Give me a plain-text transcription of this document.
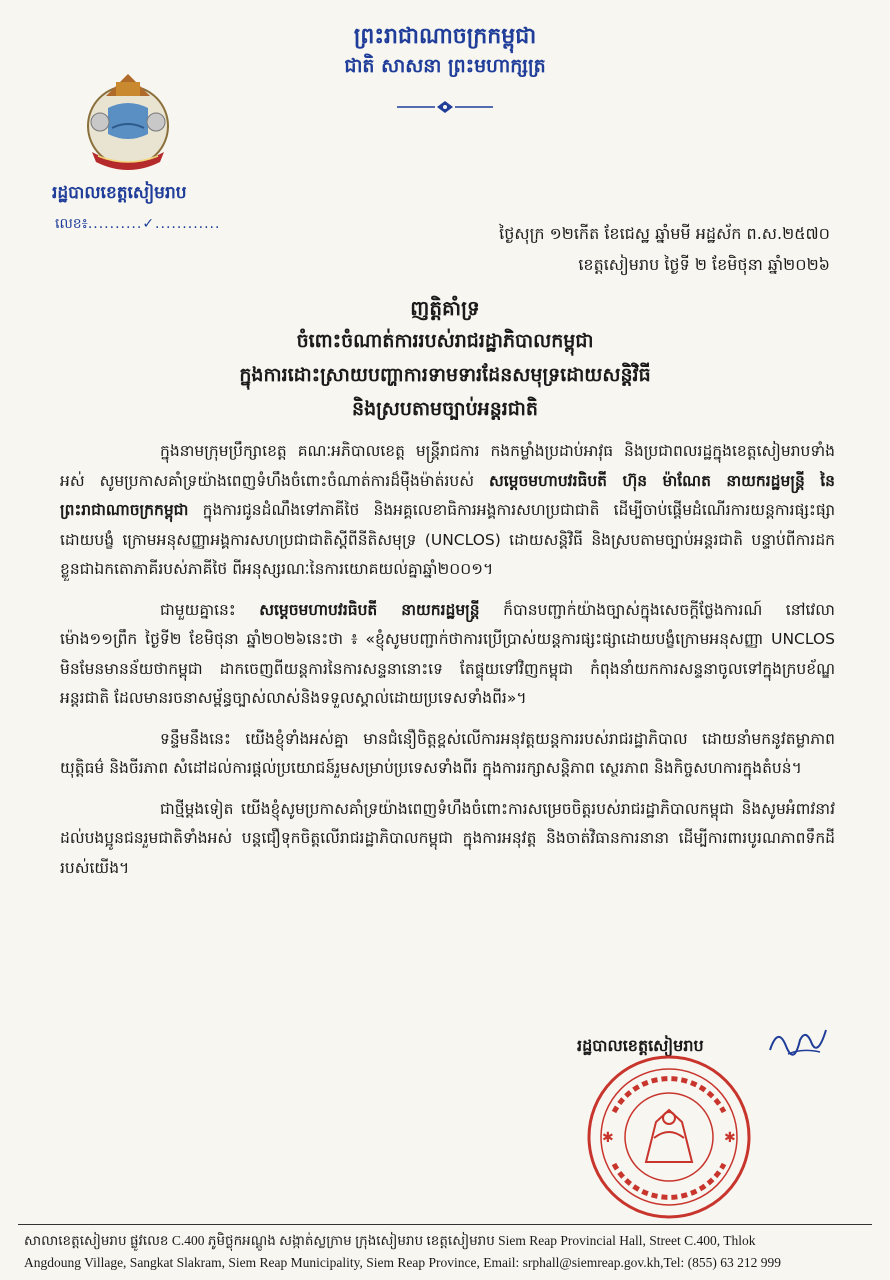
ព្រះរាជាណាចក្រកម្ពុជា
ជាតិ សាសនា ព្រះមហាក្សត្រ
រដ្ឋបាលខេត្តសៀមរាប
លេខ៖..........✓............	ថ្ងៃសុក្រ ១២កើត ខែជេស្ឋ ឆ្នាំមមី អដ្ឋស័ក ព.ស.២៥៧០
ខេត្តសៀមរាប ថ្ងៃទី ២ ខែមិថុនា ឆ្នាំ២០២៦
ញត្តិគាំទ្រ
ចំពោះចំណាត់ការរបស់រាជរដ្ឋាភិបាលកម្ពុជា
ក្នុងការដោះស្រាយបញ្ហាការទាមទារដែនសមុទ្រដោយសន្តិវិធី
និងស្របតាមច្បាប់អន្តរជាតិ

ក្នុងនាមក្រុមប្រឹក្សាខេត្ត គណៈអភិបាលខេត្ត មន្ត្រីរាជការ កងកម្លាំងប្រដាប់អាវុធ និងប្រជាពលរដ្ឋក្នុងខេត្តសៀមរាបទាំងអស់ សូមប្រកាសគាំទ្រយ៉ាងពេញទំហឹងចំពោះចំណាត់ការដ៏មុឺងម៉ាត់របស់ សម្តេចមហាបវរធិបតី ហ៊ុន ម៉ាណែត នាយករដ្ឋមន្ត្រី នៃព្រះរាជាណាចក្រកម្ពុជា ក្នុងការជូនដំណឹងទៅភាគីថៃ និងអគ្គលេខាធិការអង្គការសហប្រជាជាតិ ដើម្បីចាប់ផ្តើមដំណើរការយន្តការផ្សះផ្សាដោយបង្ខំ ក្រោមអនុសញ្ញាអង្គការសហប្រជាជាតិស្តីពីនីតិសមុទ្រ (UNCLOS) ដោយសន្តិវិធី និងស្របតាមច្បាប់អន្តរជាតិ បន្ទាប់ពីការដកខ្លួនជាឯកតោភាគីរបស់ភាគីថៃ ពីអនុស្សរណៈនៃការយោគយល់គ្នាឆ្នាំ២០០១។

ជាមួយគ្នានេះ សម្តេចមហាបវរធិបតី នាយករដ្ឋមន្ត្រី ក៏បានបញ្ជាក់យ៉ាងច្បាស់ក្នុងសេចក្តីថ្លែងការណ៍ នៅវេលាម៉ោង១១ព្រឹក ថ្ងៃទី២ ខែមិថុនា ឆ្នាំ២០២៦នេះថា ៖ «ខ្ញុំសូមបញ្ជាក់ថាការប្រើប្រាស់យន្តការផ្សះផ្សាដោយបង្ខំក្រោមអនុសញ្ញា UNCLOS មិនមែនមានន័យថាកម្ពុជា ដាកចេញពីយន្តការនៃការសន្ទនានោះទេ តែផ្ទុយទៅវិញកម្ពុជា កំពុងនាំយកការសន្ទនាចូលទៅក្នុងក្របខ័ណ្ឌអន្តរជាតិ ដែលមានរចនាសម្ព័ន្ធច្បាស់លាស់និងទទួលស្គាល់ដោយប្រទេសទាំងពីរ»។

ទន្ទឹមនឹងនេះ យើងខ្ញុំទាំងអស់គ្នា មានជំនឿចិត្តខ្ពស់លើការអនុវត្តយន្តការរបស់រាជរដ្ឋាភិបាល ដោយនាំមកនូវតម្លាភាព យុត្តិធម៌ និងចីរភាព សំដៅដល់ការផ្តល់ប្រយោជន៍រួមសម្រាប់ប្រទេសទាំងពីរ ក្នុងការរក្សាសន្តិភាព ស្ថេរភាព និងកិច្ចសហការក្នុងតំបន់។

ជាថ្មីម្តងទៀត យើងខ្ញុំសូមប្រកាសគាំទ្រយ៉ាងពេញទំហឹងចំពោះការសម្រេចចិត្តរបស់រាជរដ្ឋាភិបាលកម្ពុជា និងសូមអំពាវនាវដល់បងប្អូនជនរួមជាតិទាំងអស់ បន្តជឿទុកចិត្តលើរាជរដ្ឋាភិបាលកម្ពុជា ក្នុងការអនុវត្ត និងចាត់វិធានការនានា ដើម្បីការពារបូរណភាពទឹកដីរបស់យើង។

រដ្ឋបាលខេត្តសៀមរាប
✱	✱
សាលាខេត្តសៀមរាប ផ្លូវលេខ C.400 ភូមិថ្លុកអណ្តូង សង្កាត់ស្លក្រាម ក្រុងសៀមរាប ខេត្តសៀមរាប Siem Reap Provincial Hall, Street C.400, Thlok
Angdoung Village, Sangkat Slakram, Siem Reap Municipality, Siem Reap Province, Email: srphall@siemreap.gov.kh,Tel: (855) 63 212 999
